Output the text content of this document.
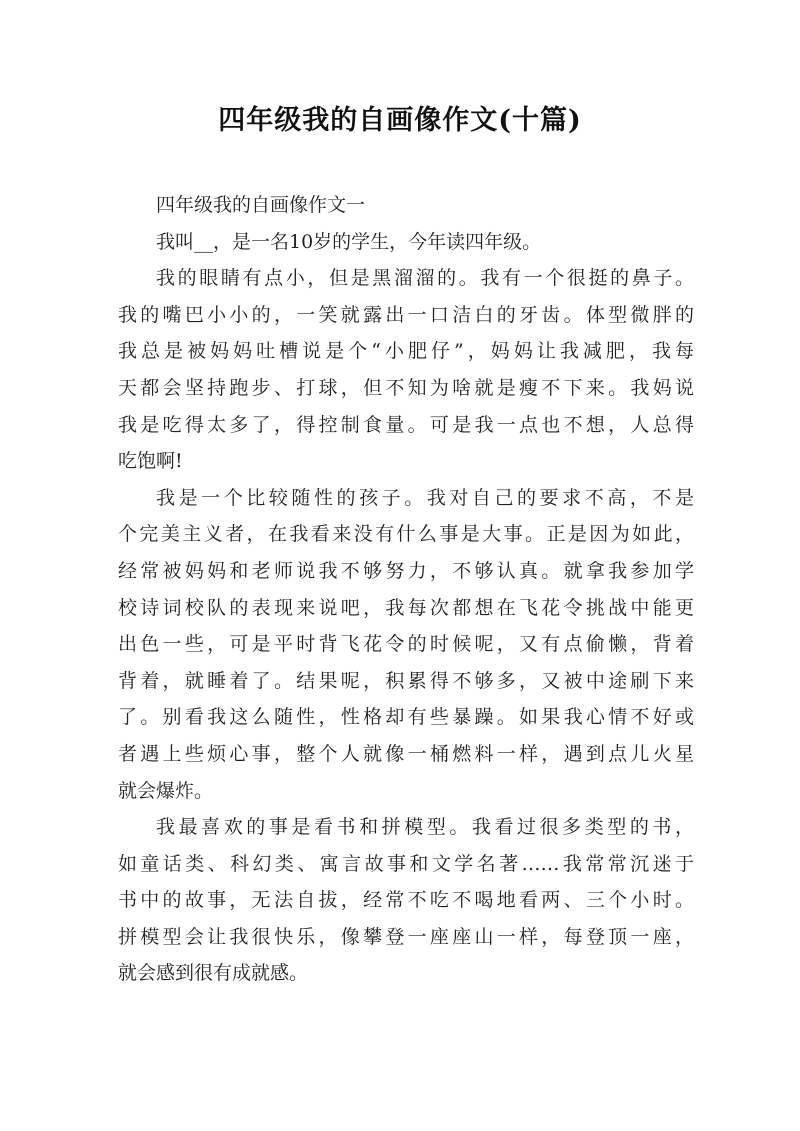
四年级我的自画像作文(十篇)

四年级我的自画像作文一

我叫__，是一名10岁的学生，今年读四年级。

我的眼睛有点小，但是黑溜溜的。我有一个很挺的鼻子。

我的嘴巴小小的，一笑就露出一口洁白的牙齿。体型微胖的

我总是被妈妈吐槽说是个“小肥仔”，妈妈让我减肥，我每

天都会坚持跑步、打球，但不知为啥就是瘦不下来。我妈说

我是吃得太多了，得控制食量。可是我一点也不想，人总得

吃饱啊!

我是一个比较随性的孩子。我对自己的要求不高，不是

个完美主义者，在我看来没有什么事是大事。正是因为如此，

经常被妈妈和老师说我不够努力，不够认真。就拿我参加学

校诗词校队的表现来说吧，我每次都想在飞花令挑战中能更

出色一些，可是平时背飞花令的时候呢，又有点偷懒，背着

背着，就睡着了。结果呢，积累得不够多，又被中途刷下来

了。别看我这么随性，性格却有些暴躁。如果我心情不好或

者遇上些烦心事，整个人就像一桶燃料一样，遇到点儿火星

就会爆炸。

我最喜欢的事是看书和拼模型。我看过很多类型的书，

如童话类、科幻类、寓言故事和文学名著……我常常沉迷于

书中的故事，无法自拔，经常不吃不喝地看两、三个小时。

拼模型会让我很快乐，像攀登一座座山一样，每登顶一座，

就会感到很有成就感。
